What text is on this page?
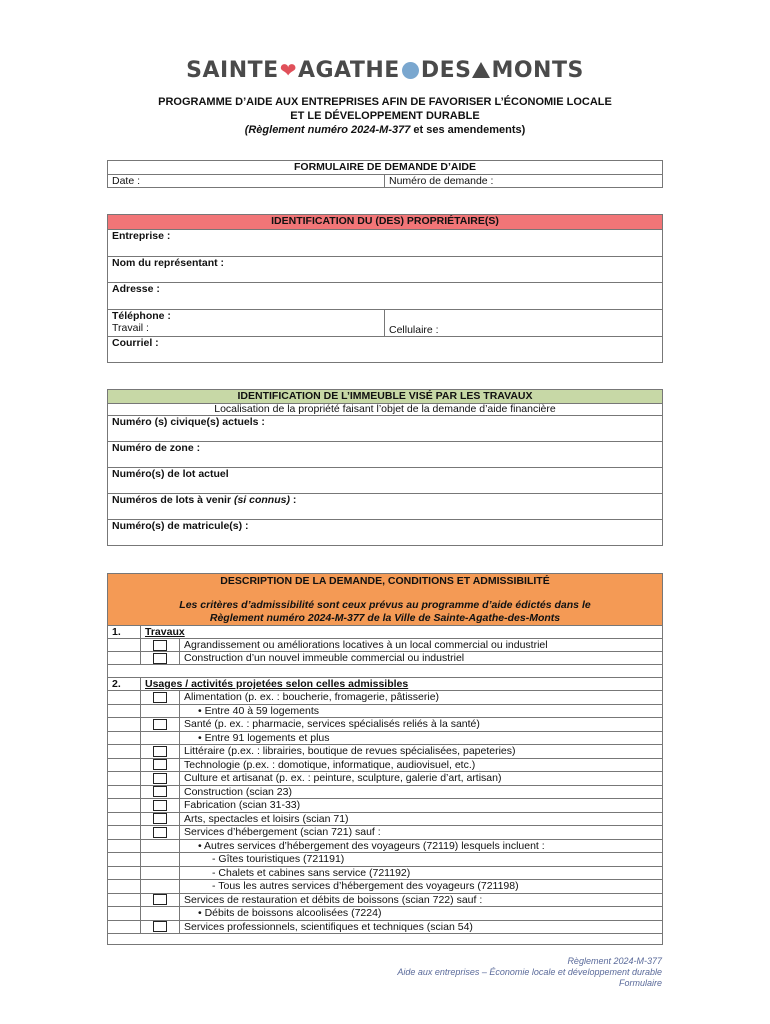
SAINTE❤AGATHE DES MONTS
PROGRAMME D’AIDE AUX ENTREPRISES AFIN DE FAVORISER L’ÉCONOMIE LOCALE
ET LE DÉVELOPPEMENT DURABLE
(Règlement numéro 2024-M-377 et ses amendements)
FORMULAIRE DE DEMANDE D’AIDE
Date :	Numéro de demande :
IDENTIFICATION DU (DES) PROPRIÉTAIRE(S)
Entreprise :
Nom du représentant :
Adresse :

Téléphone :
Travail :	Cellulaire :
Courriel :
IDENTIFICATION DE L’IMMEUBLE VISÉ PAR LES TRAVAUX
Localisation de la propriété faisant l’objet de la demande d’aide financière
Numéro (s) civique(s) actuels :
Numéro de zone :
Numéro(s) de lot actuel
Numéros de lots à venir (si connus) :
Numéro(s) de matricule(s) :
DESCRIPTION DE LA DEMANDE, CONDITIONS ET ADMISSIBILITÉ
Les critères d’admissibilité sont ceux prévus au programme d’aide édictés dans le
Règlement numéro 2024-M-377 de la Ville de Sainte-Agathe-des-Monts		

1.	Travaux	
		Agrandissement ou améliorations locatives à un local commercial ou industriel
		Construction d’un nouvel immeuble commercial ou industriel

2.	Usages / activités projetées selon celles admissibles	
		Alimentation (p. ex. : boucherie, fromagerie, pâtisserie)
		• Entre 40 à 59 logements
		Santé (p. ex. : pharmacie, services spécialisés reliés à la santé)
		• Entre 91 logements et plus
		Littéraire (p.ex. : librairies, boutique de revues spécialisées, papeteries)
		Technologie (p.ex. : domotique, informatique, audiovisuel, etc.)
		Culture et artisanat (p. ex. : peinture, sculpture, galerie d’art, artisan)
		Construction (scian 23)
		Fabrication (scian 31-33)
		Arts, spectacles et loisirs (scian 71)
		Services d’hébergement (scian 721) sauf :
		• Autres services d’hébergement des voyageurs (72119) lesquels incluent :
		- Gîtes touristiques (721191)
		- Chalets et cabines sans service (721192)
		- Tous les autres services d’hébergement des voyageurs (721198)
		Services de restauration et débits de boissons (scian 722) sauf :
		• Débits de boissons alcoolisées (7224)
		Services professionnels, scientifiques et techniques (scian 54)

Règlement 2024-M-377
Aide aux entreprises – Économie locale et développement durable
Formulaire
